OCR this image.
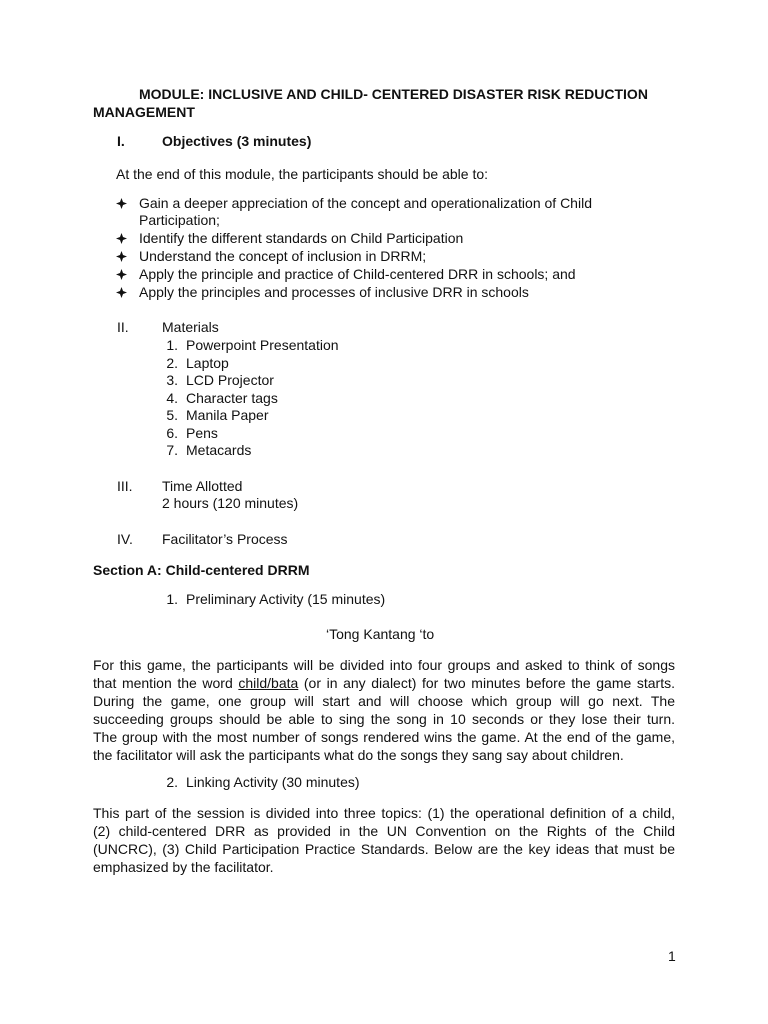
MODULE: INCLUSIVE AND CHILD- CENTERED DISASTER RISK REDUCTION
MANAGEMENT
I.	Objectives (3 minutes)
At the end of this module, the participants should be able to:
Gain a deeper appreciation of the concept and operationalization of Child
Participation;
Identify the different standards on Child Participation
Understand the concept of inclusion in DRRM;
Apply the principle and practice of Child-centered DRR in schools; and
Apply the principles and processes of inclusive DRR in schools
II. Materials
1. Powerpoint Presentation
2. Laptop
3. LCD Projector
4. Character tags
5. Manila Paper
6. Pens
7. Metacards
III. Time Allotted
2 hours (120 minutes)
IV. Facilitator’s Process
Section A: Child-centered DRRM
1. Preliminary Activity (15 minutes)
‘Tong Kantang ‘to
For this game, the participants will be divided into four groups and asked to think of songs
that mention the word child/bata (or in any dialect) for two minutes before the game starts.
During the game, one group will start and will choose which group will go next. The
succeeding groups should be able to sing the song in 10 seconds or they lose their turn.
The group with the most number of songs rendered wins the game. At the end of the game,
the facilitator will ask the participants what do the songs they sang say about children.
2. Linking Activity (30 minutes)
This part of the session is divided into three topics: (1) the operational definition of a child,
(2) child-centered DRR as provided in the UN Convention on the Rights of the Child
(UNCRC), (3) Child Participation Practice Standards. Below are the key ideas that must be
emphasized by the facilitator.
1
